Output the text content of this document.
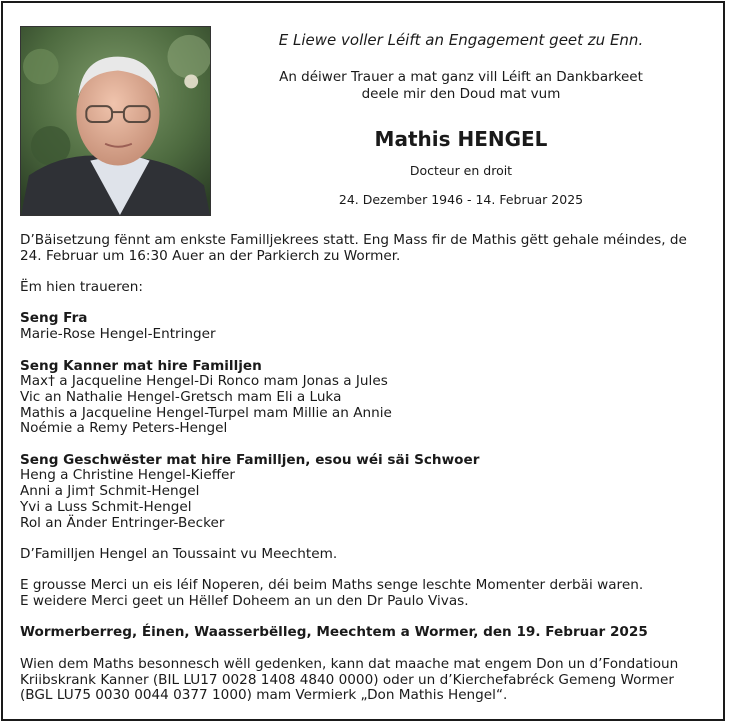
E Liewe voller Léift an Engagement geet zu Enn.
An déiwer Trauer a mat ganz vill Léift an Dankbarkeet
deele mir den Doud mat vum
Mathis HENGEL
Docteur en droit
24. Dezember 1946 - 14. Februar 2025

D’Bäisetzung fënnt am enkste Familljekrees statt. Eng Mass fir de Mathis gëtt gehale méindes, de

24. Februar um 16:30 Auer an der Parkierch zu Wormer.

Ëm hien traueren:

Seng Fra

Marie-Rose Hengel-Entringer

Seng Kanner mat hire Familljen

Max† a Jacqueline Hengel-Di Ronco mam Jonas a Jules

Vic an Nathalie Hengel-Gretsch mam Eli a Luka

Mathis a Jacqueline Hengel-Turpel mam Millie an Annie

Noémie a Remy Peters-Hengel

Seng Geschwëster mat hire Familljen, esou wéi säi Schwoer

Heng a Christine Hengel-Kieffer

Anni a Jim† Schmit-Hengel

Yvi a Luss Schmit-Hengel

Rol an Änder Entringer-Becker

D’Familljen Hengel an Toussaint vu Meechtem.

E grousse Merci un eis léif Noperen, déi beim Maths senge leschte Momenter derbäi waren.

E weidere Merci geet un Hëllef Doheem an un den Dr Paulo Vivas.

Wormerberreg, Éinen, Waasserbëlleg, Meechtem a Wormer, den 19. Februar 2025

Wien dem Maths besonnesch wëll gedenken, kann dat maache mat engem Don un d’Fondatioun

Kriibskrank Kanner (BIL LU17 0028 1408 4840 0000) oder un d’Kierchefabréck Gemeng Wormer

(BGL LU75 0030 0044 0377 1000) mam Vermierk „Don Mathis Hengel“.
